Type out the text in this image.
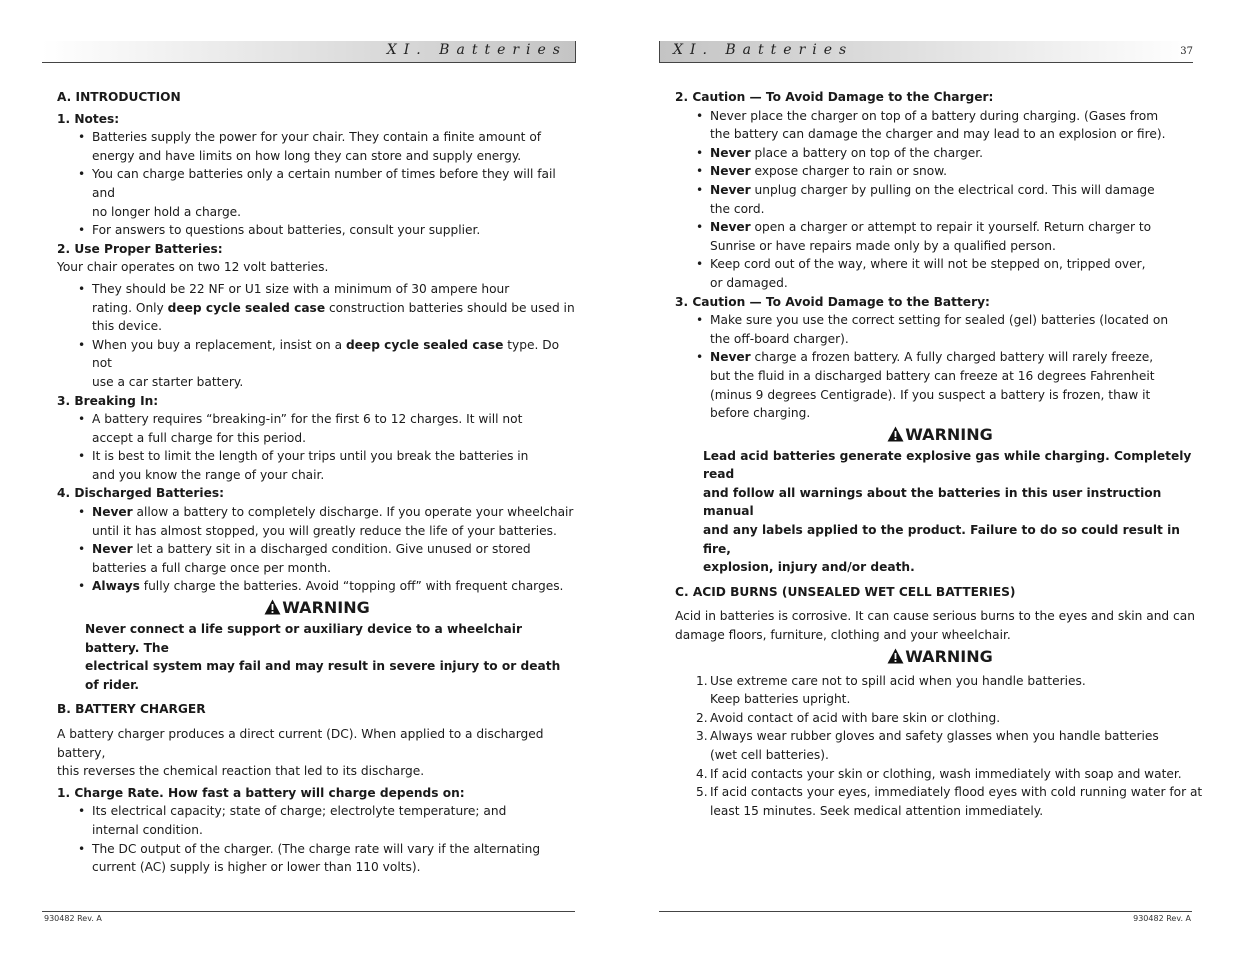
XI. Batteries
A. INTRODUCTION
1. Notes:
• Batteries supply the power for your chair. They contain a finite amount of
energy and have limits on how long they can store and supply energy.
• You can charge batteries only a certain number of times before they will fail and
no longer hold a charge.
• For answers to questions about batteries, consult your supplier.
2. Use Proper Batteries:
Your chair operates on two 12 volt batteries.
• They should be 22 NF or U1 size with a minimum of 30 ampere hour
rating. Only deep cycle sealed case construction batteries should be used in
this device.
• When you buy a replacement, insist on a deep cycle sealed case type. Do not
use a car starter battery.
3. Breaking In:
• A battery requires “breaking-in” for the first 6 to 12 charges. It will not
accept a full charge for this period.
• It is best to limit the length of your trips until you break the batteries in
and you know the range of your chair.
4. Discharged Batteries:
• Never allow a battery to completely discharge. If you operate your wheelchair
until it has almost stopped, you will greatly reduce the life of your batteries.
• Never let a battery sit in a discharged condition. Give unused or stored
batteries a full charge once per month.
• Always fully charge the batteries. Avoid “topping off” with frequent charges.
WARNING
Never connect a life support or auxiliary device to a wheelchair battery. The
electrical system may fail and may result in severe injury to or death of rider.
B. BATTERY CHARGER
A battery charger produces a direct current (DC). When applied to a discharged battery,
this reverses the chemical reaction that led to its discharge.
1. Charge Rate. How fast a battery will charge depends on:
• Its electrical capacity; state of charge; electrolyte temperature; and
internal condition.
• The DC output of the charger. (The charge rate will vary if the alternating
current (AC) supply is higher or lower than 110 volts).
930482 Rev. A
XI. Batteries	37
2. Caution — To Avoid Damage to the Charger:
• Never place the charger on top of a battery during charging. (Gases from
the battery can damage the charger and may lead to an explosion or fire).
• Never place a battery on top of the charger.
• Never expose charger to rain or snow.
• Never unplug charger by pulling on the electrical cord. This will damage
the cord.
• Never open a charger or attempt to repair it yourself. Return charger to
Sunrise or have repairs made only by a qualified person.
• Keep cord out of the way, where it will not be stepped on, tripped over,
or damaged.
3. Caution — To Avoid Damage to the Battery:
• Make sure you use the correct setting for sealed (gel) batteries (located on
the off-board charger).
• Never charge a frozen battery. A fully charged battery will rarely freeze,
but the fluid in a discharged battery can freeze at 16 degrees Fahrenheit
(minus 9 degrees Centigrade). If you suspect a battery is frozen, thaw it
before charging.
WARNING
Lead acid batteries generate explosive gas while charging. Completely read
and follow all warnings about the batteries in this user instruction manual
and any labels applied to the product. Failure to do so could result in fire,
explosion, injury and/or death.
C. ACID BURNS (UNSEALED WET CELL BATTERIES)
Acid in batteries is corrosive. It can cause serious burns to the eyes and skin and can
damage floors, furniture, clothing and your wheelchair.
WARNING
1. Use extreme care not to spill acid when you handle batteries.
Keep batteries upright.
2. Avoid contact of acid with bare skin or clothing.
3. Always wear rubber gloves and safety glasses when you handle batteries
(wet cell batteries).
4. If acid contacts your skin or clothing, wash immediately with soap and water.
5. If acid contacts your eyes, immediately flood eyes with cold running water for at
least 15 minutes. Seek medical attention immediately.
930482 Rev. A
